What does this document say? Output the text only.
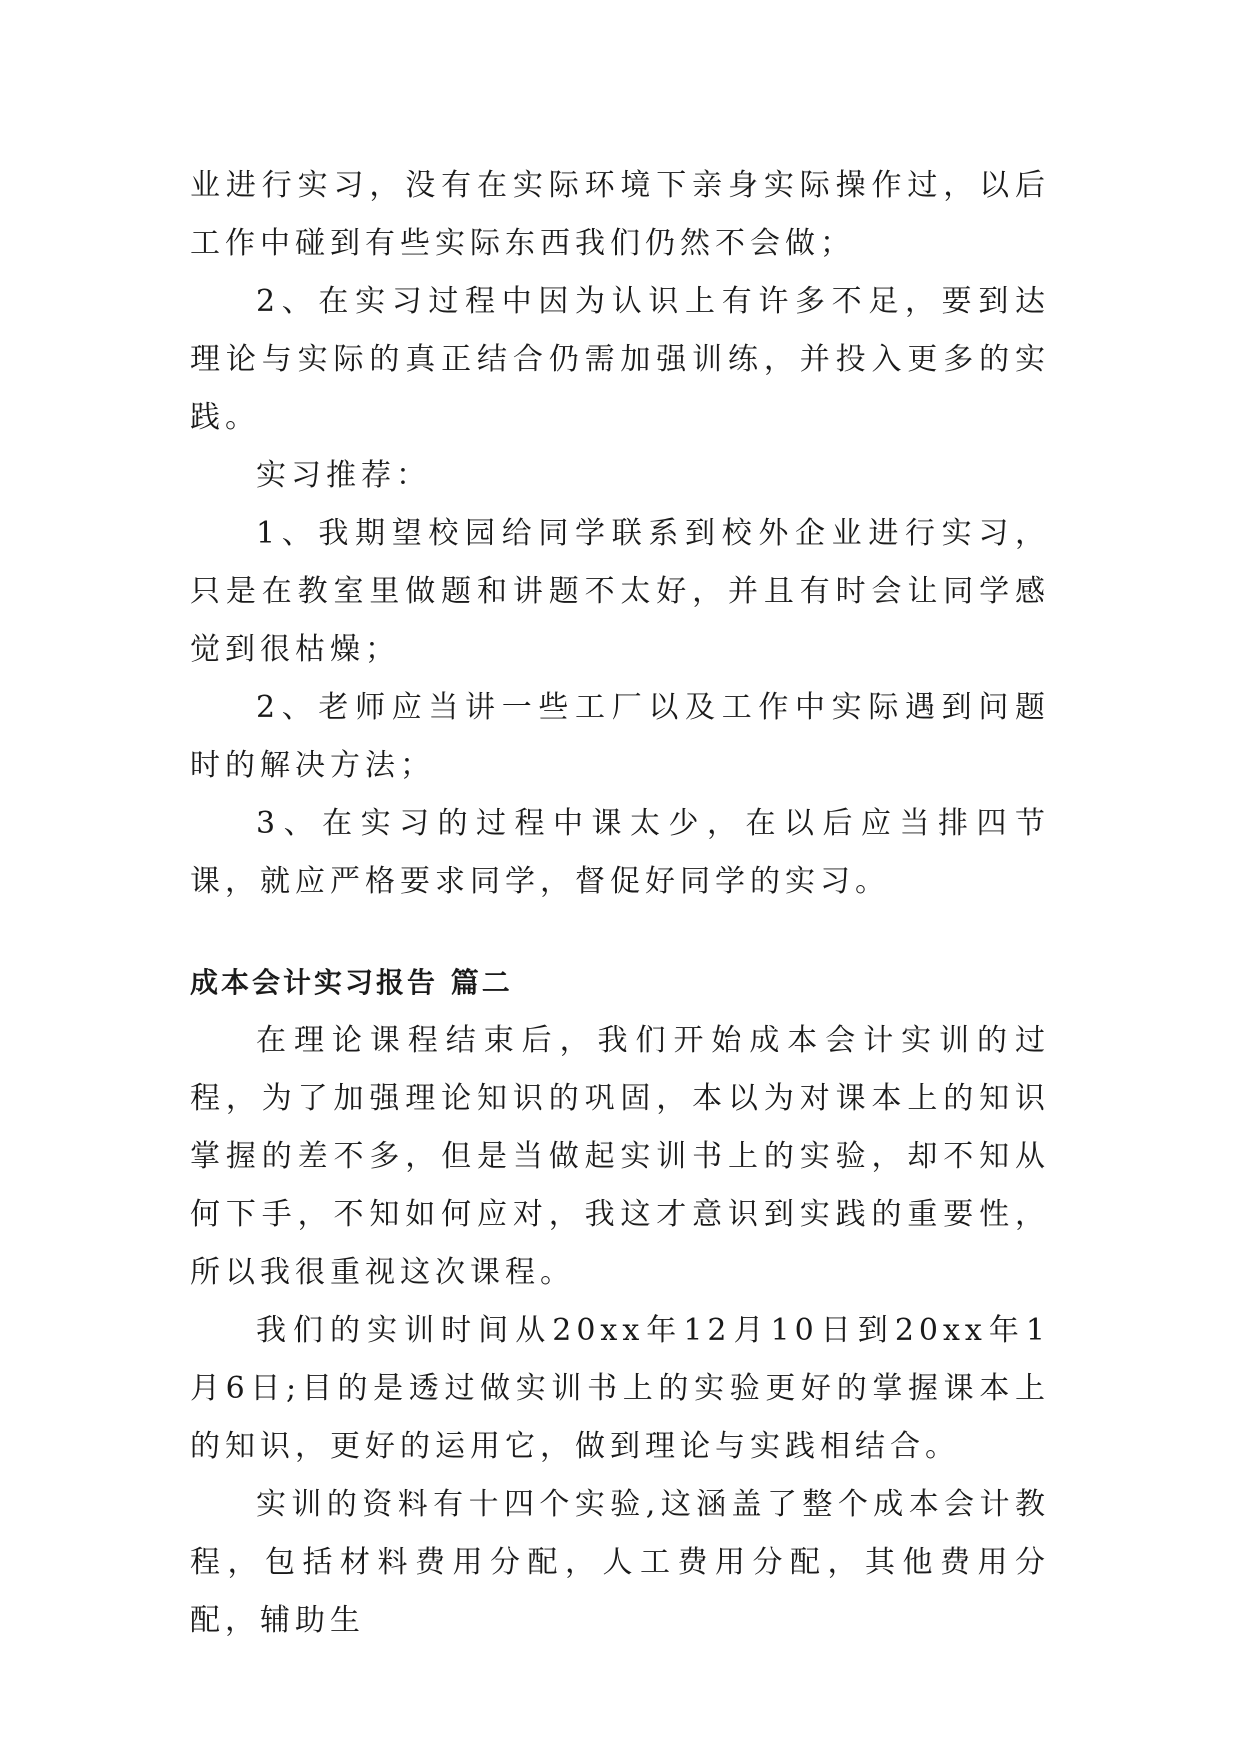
业进行实习，没有在实际环境下亲身实际操作过，以后工作中碰到有些实际东西我们仍然不会做；

2、在实习过程中因为认识上有许多不足，要到达理论与实际的真正结合仍需加强训练，并投入更多的实践。

实习推荐：

1、我期望校园给同学联系到校外企业进行实习，只是在教室里做题和讲题不太好，并且有时会让同学感觉到很枯燥；

2、老师应当讲一些工厂以及工作中实际遇到问题时的解决方法；

3、在实习的过程中课太少，在以后应当排四节课，就应严格要求同学，督促好同学的实习。

成本会计实习报告 篇二

在理论课程结束后，我们开始成本会计实训的过程，为了加强理论知识的巩固，本以为对课本上的知识掌握的差不多，但是当做起实训书上的实验，却不知从何下手，不知如何应对，我这才意识到实践的重要性，所以我很重视这次课程。

我们的实训时间从20xx年12月10日到20xx年1月6日;目的是透过做实训书上的实验更好的掌握课本上的知识，更好的运用它，做到理论与实践相结合。

实训的资料有十四个实验,这涵盖了整个成本会计教程，包括材料费用分配，人工费用分配，其他费用分配，辅助生
